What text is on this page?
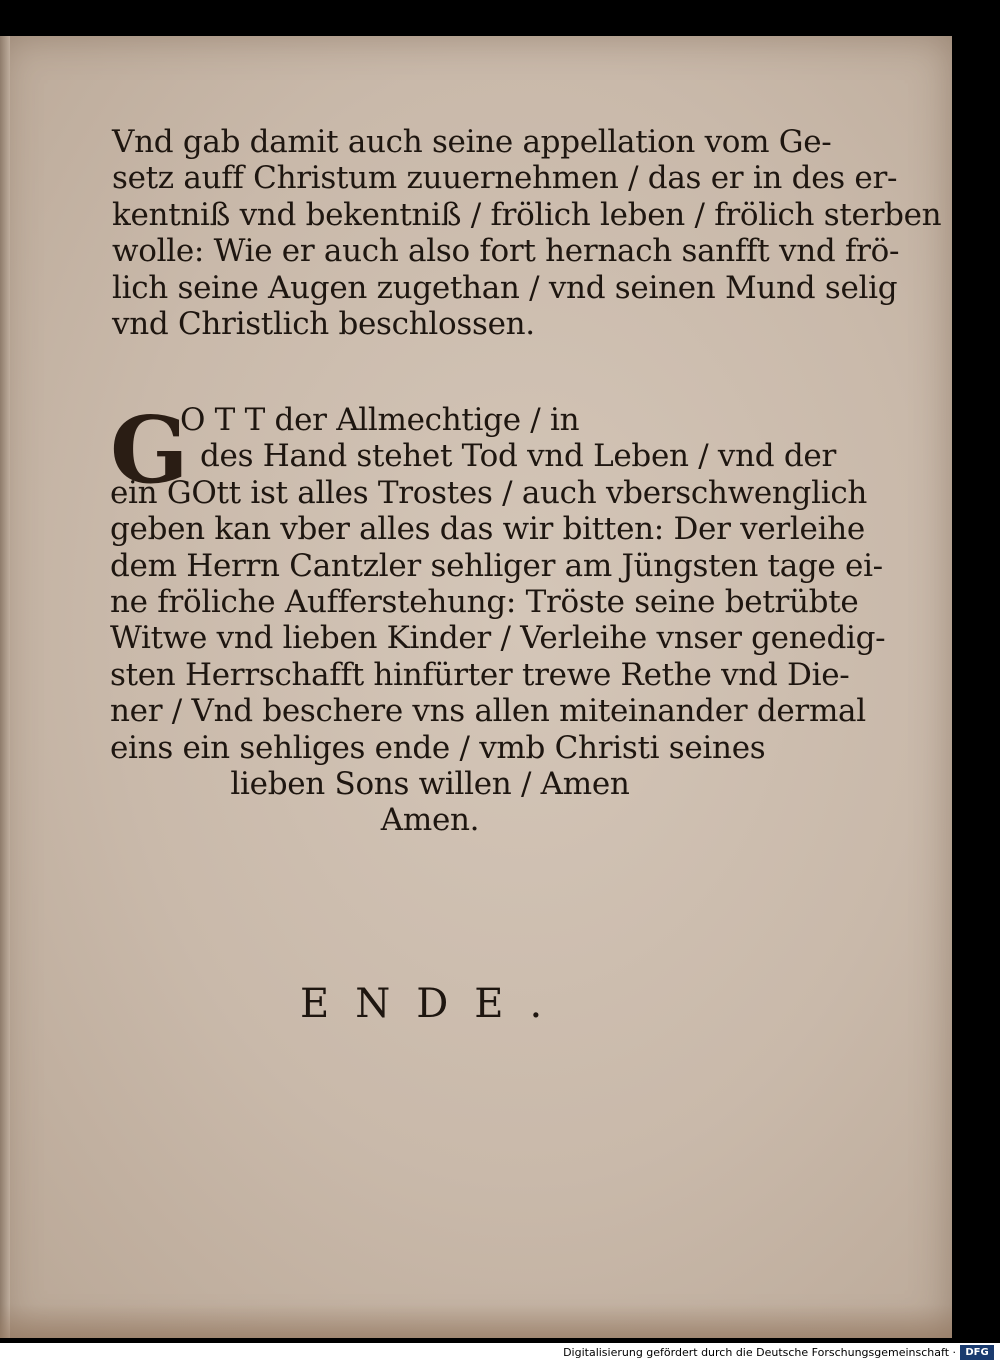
Vnd gab damit auch seine appellation vom Ge-
setz auff Christum zuuernehmen / das er in des er-
kentniß vnd bekentniß / frölich leben / frölich sterben
wolle: Wie er auch also fort hernach sanfft vnd frö-
lich seine Augen zugethan / vnd seinen Mund selig
vnd Christlich beschlossen.
G
O T T der Allmechtige / in
des Hand stehet Tod vnd Leben / vnd der
ein GOtt ist alles Trostes / auch vberschwenglich
geben kan vber alles das wir bitten: Der verleihe
dem Herrn Cantzler sehliger am Jüngsten tage ei-
ne fröliche Aufferstehung: Tröste seine betrübte
Witwe vnd lieben Kinder / Verleihe vnser genedig-
sten Herrschafft hinfürter trewe Rethe vnd Die-
ner / Vnd beschere vns allen miteinander dermal
eins ein sehliges ende / vmb Christi seines
lieben Sons willen / Amen
Amen.
ENDE.
Digitalisierung gefördert durch die Deutsche Forschungsgemeinschaft · DFG
